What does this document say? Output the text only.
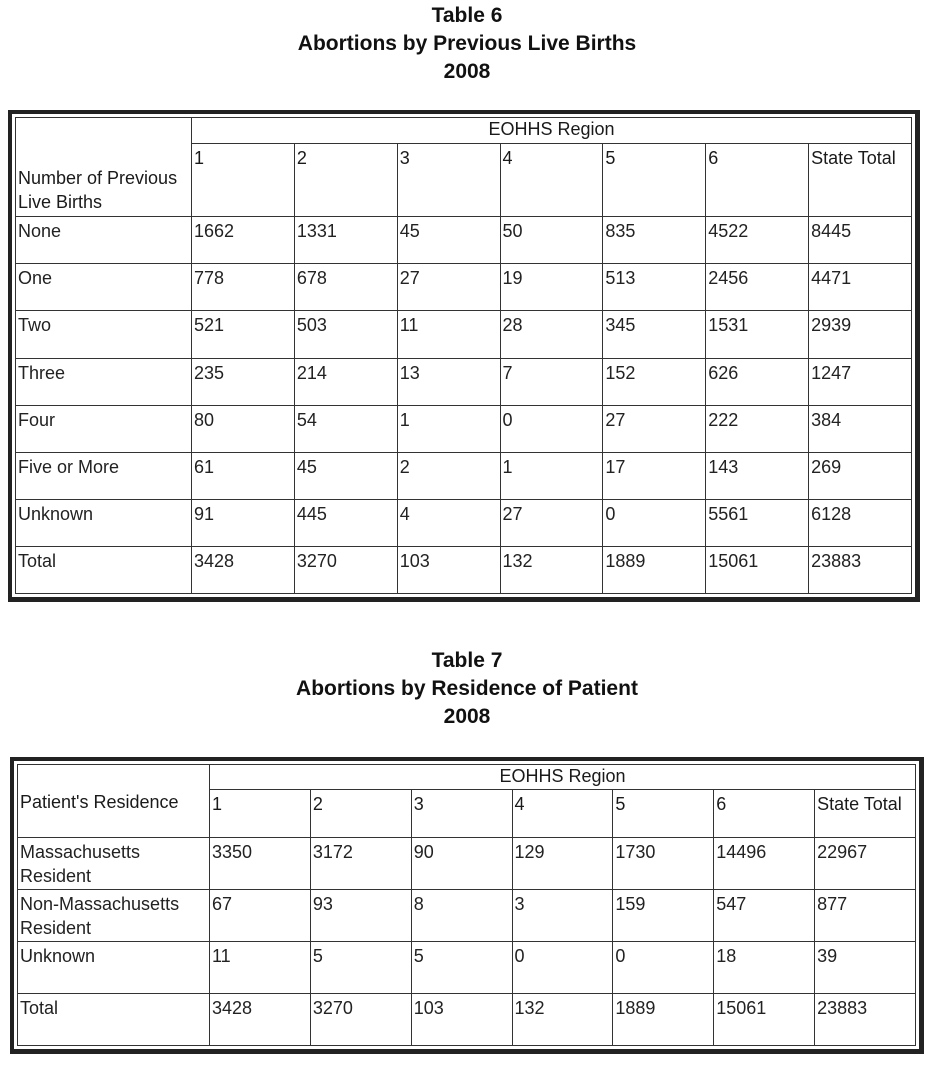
Table 6
Abortions by Previous Live Births
2008
Number of Previous Live Births	EOHHS Region						
	1	2	3	4	5	6	State Total
None	1662	1331	45	50	835	4522	8445
One	778	678	27	19	513	2456	4471
Two	521	503	11	28	345	1531	2939
Three	235	214	13	7	152	626	1247
Four	80	54	1	0	27	222	384
Five or More	61	45	2	1	17	143	269
Unknown	91	445	4	27	0	5561	6128
Total	3428	3270	103	132	1889	15061	23883
Table 7
Abortions by Residence of Patient
2008
Patient's Residence	EOHHS Region						
	1	2	3	4	5	6	State Total
Massachusetts Resident	3350	3172	90	129	1730	14496	22967
Non-Massachusetts Resident	67	93	8	3	159	547	877
Unknown	11	5	5	0	0	18	39
Total	3428	3270	103	132	1889	15061	23883
